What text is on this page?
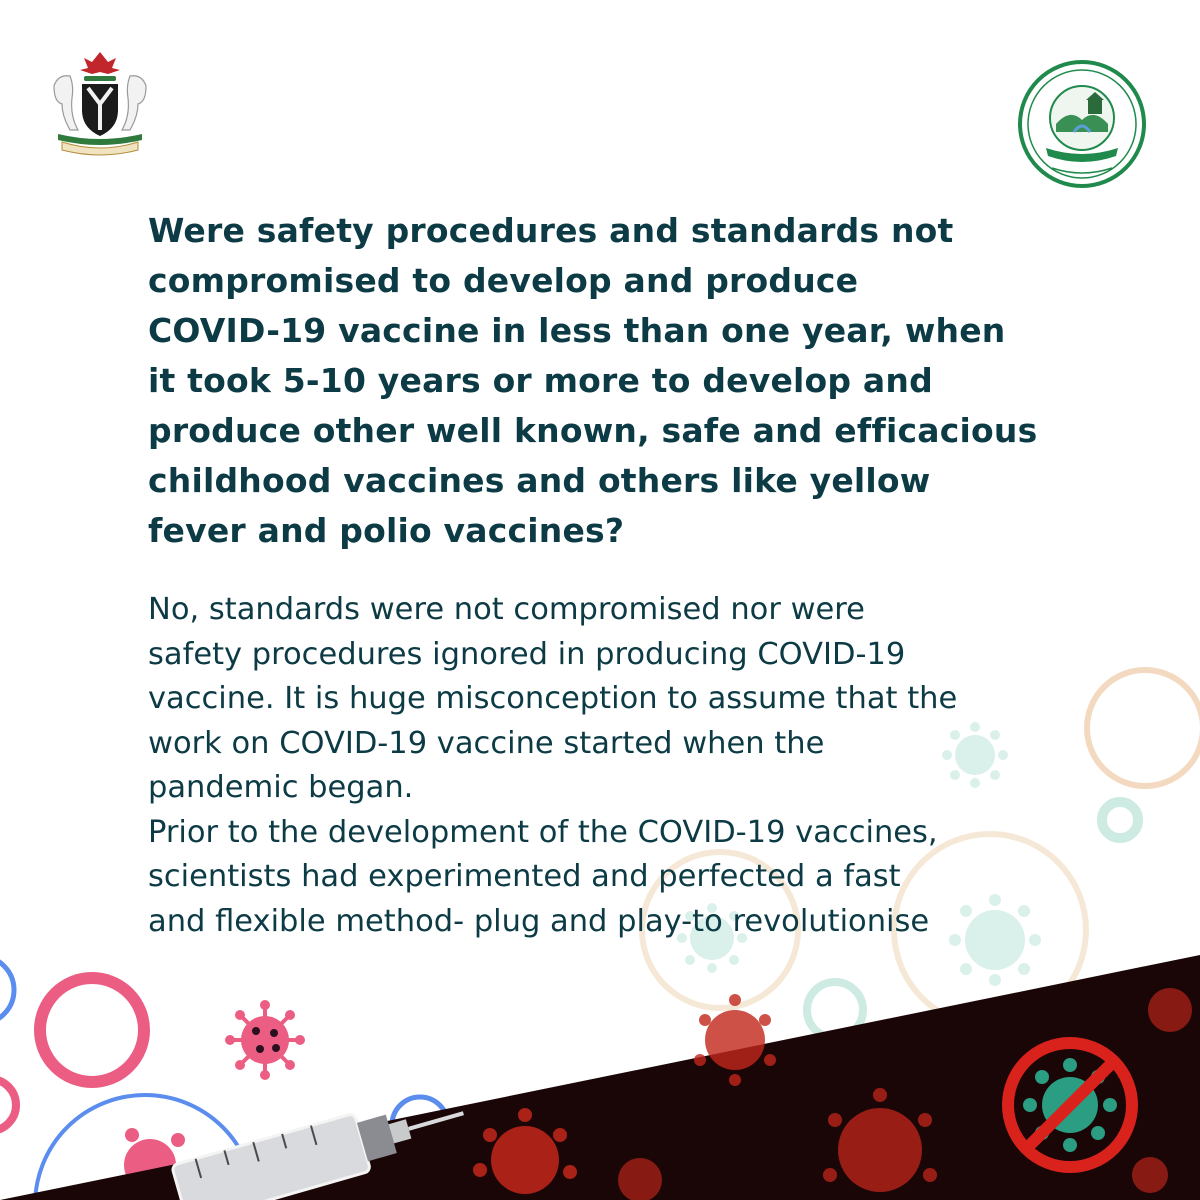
Were safety procedures and standards not
compromised to develop and produce
COVID-19 vaccine in less than one year, when
it took 5-10 years or more to develop and
produce other well known, safe and efficacious
childhood vaccines and others like yellow
fever and polio vaccines?

No, standards were not compromised nor were
safety procedures ignored in producing COVID-19
vaccine. It is huge misconception to assume that the
work on COVID-19 vaccine started when the
pandemic began.
Prior to the development of the COVID-19 vaccines,
scientists had experimented and perfected a fast
and flexible method- plug and play-to revolutionise
